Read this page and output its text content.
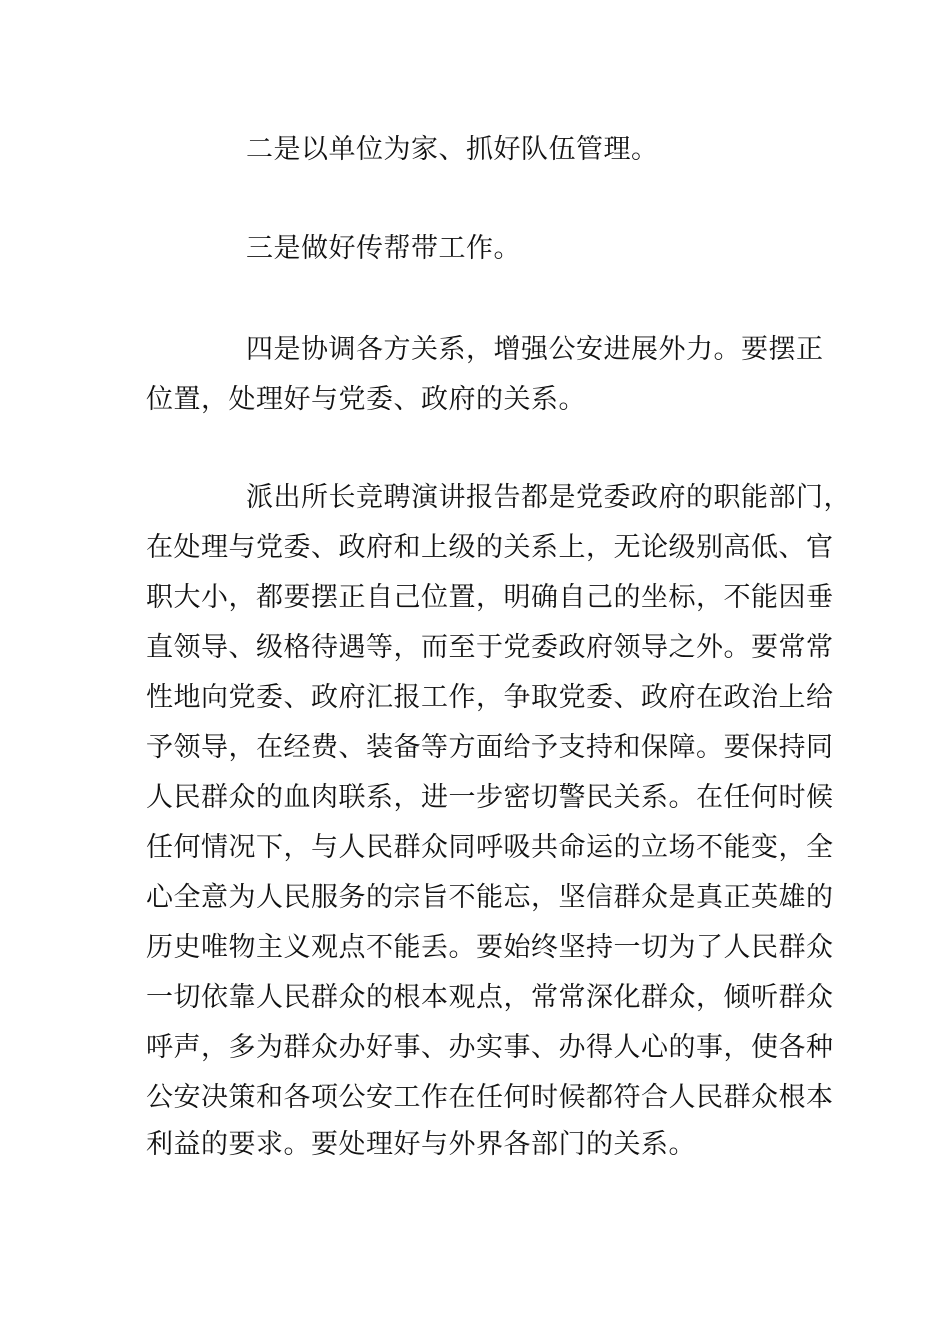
二是以单位为家、抓好队伍管理。
三是做好传帮带工作。
四是协调各方关系，增强公安进展外力。要摆正
位置，处理好与党委、政府的关系。
派出所长竞聘演讲报告都是党委政府的职能部门，
在处理与党委、政府和上级的关系上，无论级别高低、官
职大小，都要摆正自己位置，明确自己的坐标，不能因垂
直领导、级格待遇等，而至于党委政府领导之外。要常常
性地向党委、政府汇报工作，争取党委、政府在政治上给
予领导，在经费、装备等方面给予支持和保障。要保持同
人民群众的血肉联系，进一步密切警民关系。在任何时候
任何情况下，与人民群众同呼吸共命运的立场不能变，全
心全意为人民服务的宗旨不能忘，坚信群众是真正英雄的
历史唯物主义观点不能丢。要始终坚持一切为了人民群众
一切依靠人民群众的根本观点，常常深化群众，倾听群众
呼声，多为群众办好事、办实事、办得人心的事，使各种
公安决策和各项公安工作在任何时候都符合人民群众根本
利益的要求。要处理好与外界各部门的关系。
